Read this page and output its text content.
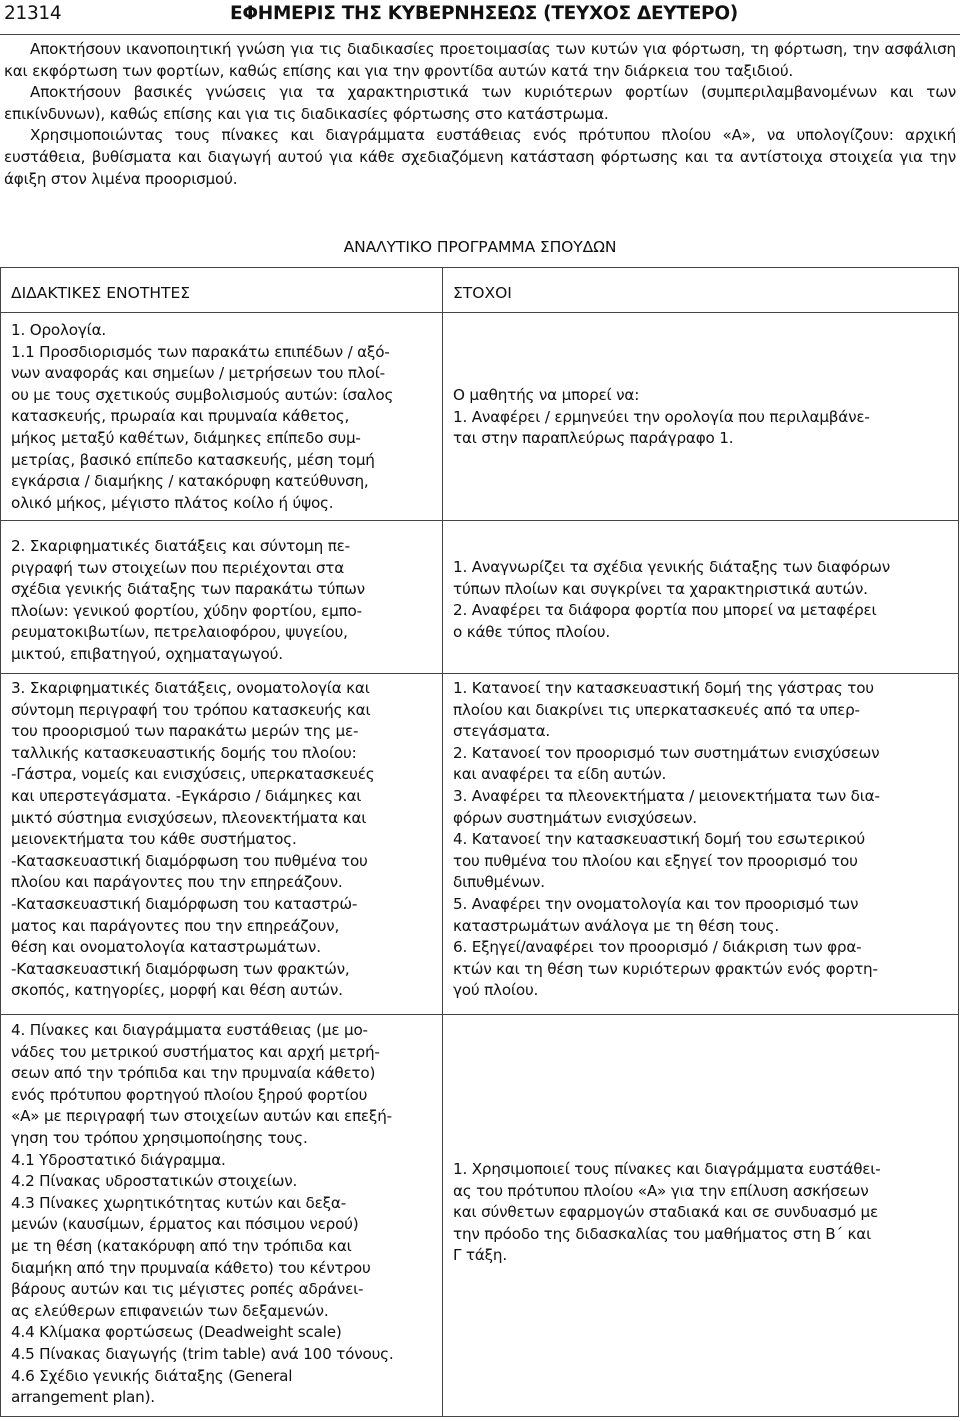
21314	ΕΦΗΜΕΡΙΣ ΤΗΣ ΚΥΒΕΡΝΗΣΕΩΣ (ΤΕΥΧΟΣ ΔΕΥΤΕΡΟ)

Αποκτήσουν ικανοποιητική γνώση για τις διαδικασίες προετοιμασίας των κυτών για φόρτωση, τη φόρτωση, την ασφάλιση και εκφόρτωση των φορτίων, καθώς επίσης και για την φροντίδα αυτών κατά την διάρκεια του ταξιδιού.

Αποκτήσουν βασικές γνώσεις για τα χαρακτηριστικά των κυριότερων φορτίων (συμπεριλαμβανομένων και των επικίνδυνων), καθώς επίσης και για τις διαδικασίες φόρτωσης στο κατάστρωμα.

Χρησιμοποιώντας τους πίνακες και διαγράμματα ευστάθειας ενός πρότυπου πλοίου «Α», να υπολογίζουν: αρχική ευστάθεια, βυθίσματα και διαγωγή αυτού για κάθε σχεδιαζόμενη κατάσταση φόρτωσης και τα αντίστοιχα στοιχεία για την άφιξη στον λιμένα προορισμού.

ΑΝΑΛΥΤΙΚΟ ΠΡΟΓΡΑΜΜΑ ΣΠΟΥΔΩΝ
ΔΙΔΑΚΤΙΚΕΣ ΕΝΟΤΗΤΕΣ	ΣΤΟΧΟΙ
1. Ορολογία.
1.1 Προσδιορισμός των παρακάτω επιπέδων / αξό-
νων αναφοράς και σημείων / μετρήσεων του πλοί-
ου με τους σχετικούς συμβολισμούς αυτών: ίσαλος
κατασκευής, πρωραία και πρυμναία κάθετος,
μήκος μεταξύ καθέτων, διάμηκες επίπεδο συμ-
μετρίας, βασικό επίπεδο κατασκευής, μέση τομή
εγκάρσια / διαμήκης / κατακόρυφη κατεύθυνση,
ολικό μήκος, μέγιστο πλάτος κοίλο ή ύψος.
Ο μαθητής να μπορεί να:
1. Αναφέρει / ερμηνεύει την ορολογία που περιλαμβάνε-
ται στην παραπλεύρως παράγραφο 1.
2. Σκαριφηματικές διατάξεις και σύντομη πε-
ριγραφή των στοιχείων που περιέχονται στα
σχέδια γενικής διάταξης των παρακάτω τύπων
πλοίων: γενικού φορτίου, χύδην φορτίου, εμπο-
ρευματοκιβωτίων, πετρελαιοφόρου, ψυγείου,
μικτού, επιβατηγού, οχηματαγωγού.
1. Αναγνωρίζει τα σχέδια γενικής διάταξης των διαφόρων
τύπων πλοίων και συγκρίνει τα χαρακτηριστικά αυτών.
2. Αναφέρει τα διάφορα φορτία που μπορεί να μεταφέρει
ο κάθε τύπος πλοίου.
3. Σκαριφηματικές διατάξεις, ονοματολογία και
σύντομη περιγραφή του τρόπου κατασκευής και
του προορισμού των παρακάτω μερών της με-
ταλλικής κατασκευαστικής δομής του πλοίου:
-Γάστρα, νομείς και ενισχύσεις, υπερκατασκευές
και υπερστεγάσματα. -Εγκάρσιο / διάμηκες και
μικτό σύστημα ενισχύσεων, πλεονεκτήματα και
μειονεκτήματα του κάθε συστήματος.
-Κατασκευαστική διαμόρφωση του πυθμένα του
πλοίου και παράγοντες που την επηρεάζουν.
-Κατασκευαστική διαμόρφωση του καταστρώ-
ματος και παράγοντες που την επηρεάζουν,
θέση και ονοματολογία καταστρωμάτων.
-Κατασκευαστική διαμόρφωση των φρακτών,
σκοπός, κατηγορίες, μορφή και θέση αυτών.
1. Κατανοεί την κατασκευαστική δομή της γάστρας του
πλοίου και διακρίνει τις υπερκατασκευές από τα υπερ-
στεγάσματα.
2. Κατανοεί τον προορισμό των συστημάτων ενισχύσεων
και αναφέρει τα είδη αυτών.
3. Αναφέρει τα πλεονεκτήματα / μειονεκτήματα των δια-
φόρων συστημάτων ενισχύσεων.
4. Κατανοεί την κατασκευαστική δομή του εσωτερικού
του πυθμένα του πλοίου και εξηγεί τον προορισμό του
διπυθμένων.
5. Αναφέρει την ονοματολογία και τον προορισμό των
καταστρωμάτων ανάλογα με τη θέση τους.
6. Εξηγεί/αναφέρει τον προορισμό / διάκριση των φρα-
κτών και τη θέση των κυριότερων φρακτών ενός φορτη-
γού πλοίου.
4. Πίνακες και διαγράμματα ευστάθειας (με μο-
νάδες του μετρικού συστήματος και αρχή μετρή-
σεων από την τρόπιδα και την πρυμναία κάθετο)
ενός πρότυπου φορτηγού πλοίου ξηρού φορτίου
«Α» με περιγραφή των στοιχείων αυτών και επεξή-
γηση του τρόπου χρησιμοποίησης τους.
4.1 Υδροστατικό διάγραμμα.
4.2 Πίνακας υδροστατικών στοιχείων.
4.3 Πίνακες χωρητικότητας κυτών και δεξα-
μενών (καυσίμων, έρματος και πόσιμου νερού)
με τη θέση (κατακόρυφη από την τρόπιδα και
διαμήκη από την πρυμναία κάθετο) του κέντρου
βάρους αυτών και τις μέγιστες ροπές αδράνει-
ας ελεύθερων επιφανειών των δεξαμενών.
4.4 Κλίμακα φορτώσεως (Deadweight scale)
4.5 Πίνακας διαγωγής (trim table) ανά 100 τόνους.
4.6 Σχέδιο γενικής διάταξης (General
arrangement plan).
1. Χρησιμοποιεί τους πίνακες και διαγράμματα ευστάθει-
ας του πρότυπου πλοίου «Α» για την επίλυση ασκήσεων
και σύνθετων εφαρμογών σταδιακά και σε συνδυασμό με
την πρόοδο της διδασκαλίας του μαθήματος στη Β΄ και
Γ τάξη.
